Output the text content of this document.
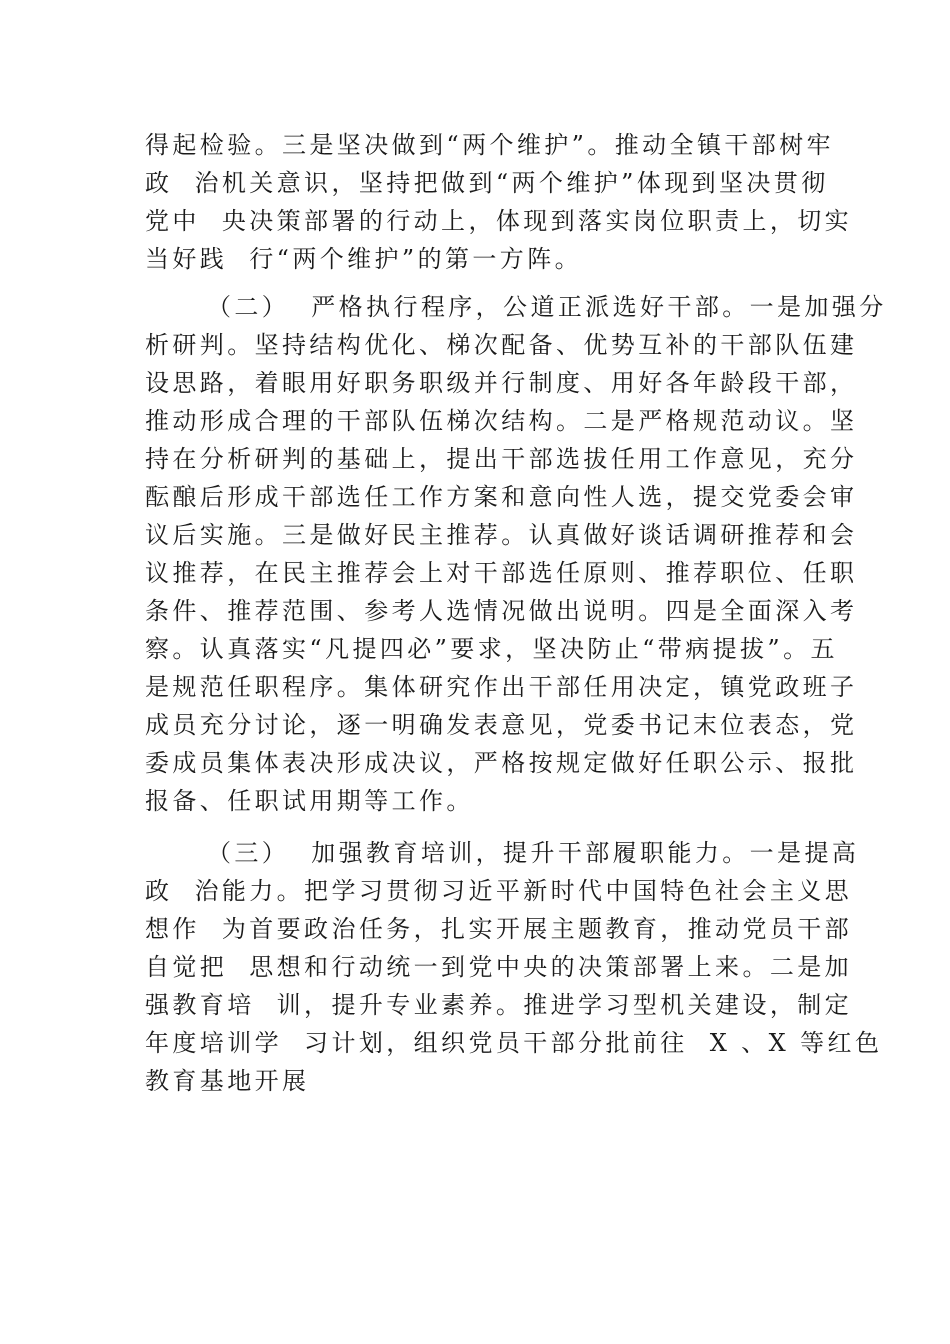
得起检验。三是坚决做到“两个维护”。推动全镇干部树牢
政  治机关意识，坚持把做到“两个维护”体现到坚决贯彻
党中  央决策部署的行动上，体现到落实岗位职责上，切实
当好践  行“两个维护”的第一方阵。
（二）  严格执行程序，公道正派选好干部。一是加强分
析研判。坚持结构优化、梯次配备、优势互补的干部队伍建
设思路，着眼用好职务职级并行制度、用好各年龄段干部，
推动形成合理的干部队伍梯次结构。二是严格规范动议。坚
持在分析研判的基础上，提出干部选拔任用工作意见，充分
酝酿后形成干部选任工作方案和意向性人选，提交党委会审
议后实施。三是做好民主推荐。认真做好谈话调研推荐和会
议推荐，在民主推荐会上对干部选任原则、推荐职位、任职
条件、推荐范围、参考人选情况做出说明。四是全面深入考
察。认真落实“凡提四必”要求，坚决防止“带病提拔”。五
是规范任职程序。集体研究作出干部任用决定，镇党政班子
成员充分讨论，逐一明确发表意见，党委书记末位表态，党
委成员集体表决形成决议，严格按规定做好任职公示、报批
报备、任职试用期等工作。
（三）  加强教育培训，提升干部履职能力。一是提高
政  治能力。把学习贯彻习近平新时代中国特色社会主义思
想作  为首要政治任务，扎实开展主题教育，推动党员干部
自觉把  思想和行动统一到党中央的决策部署上来。二是加
强教育培  训，提升专业素养。推进学习型机关建设，制定
年度培训学  习计划，组织党员干部分批前往  X 、X 等红色
教育基地开展
